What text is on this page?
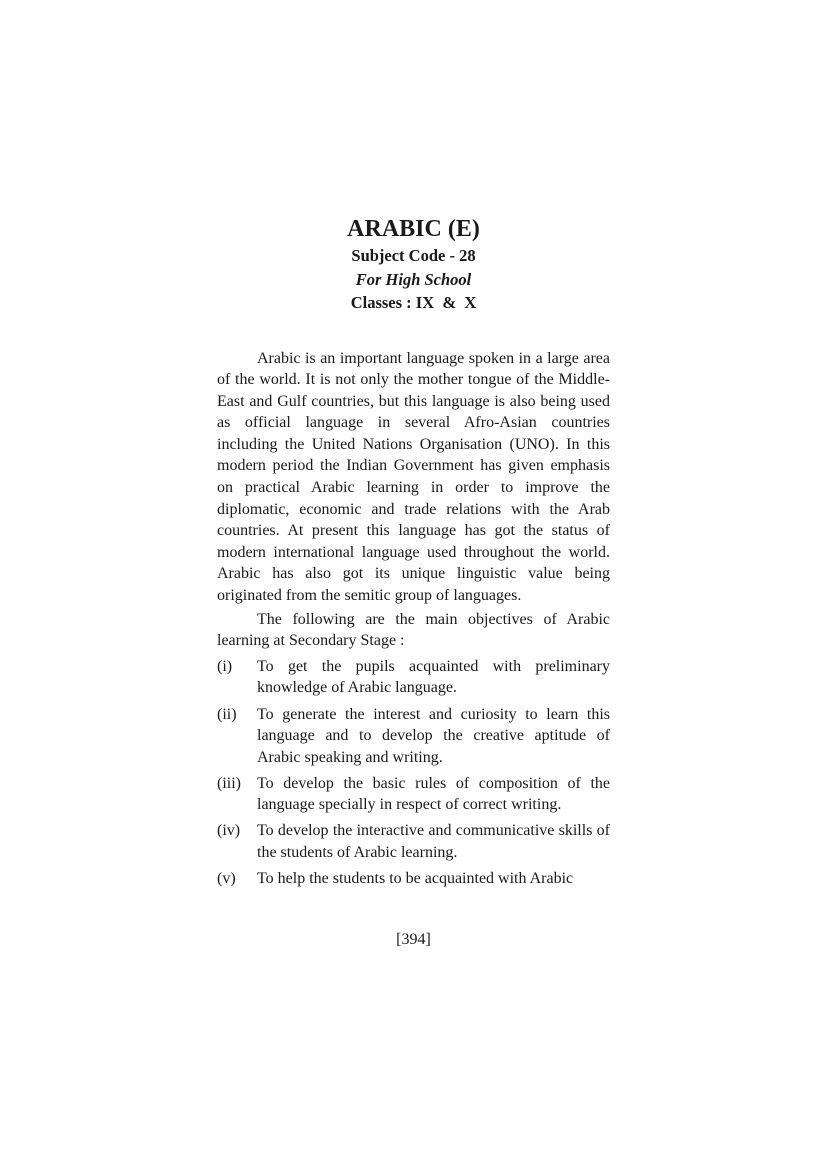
ARABIC (E)

Subject Code - 28

For High School

Classes : IX  &  X

Arabic is an important language spoken in a large area of the world. It is not only the mother tongue of the Middle-East and Gulf countries, but this language is also being used as official language in several Afro-Asian countries including the United Nations Organisation (UNO). In this modern period the Indian Government has given emphasis on practical Arabic learning in order to improve the diplomatic, economic and trade relations with the Arab countries. At present this language has got the status of modern international language used throughout the world. Arabic has also got its unique linguistic value being originated from the semitic group of languages.

The following are the main objectives of Arabic learning at Secondary Stage :

(i)	To get the pupils acquainted with preliminary knowledge of Arabic language.
(ii)	To generate the interest and curiosity to learn this language and to develop the creative aptitude of Arabic speaking and writing.
(iii)	To develop the basic rules of composition of the language specially in respect of correct writing.
(iv)	To develop the interactive and communicative skills of the students of Arabic learning.
(v)	To help the students to be acquainted with Arabic
[394]
